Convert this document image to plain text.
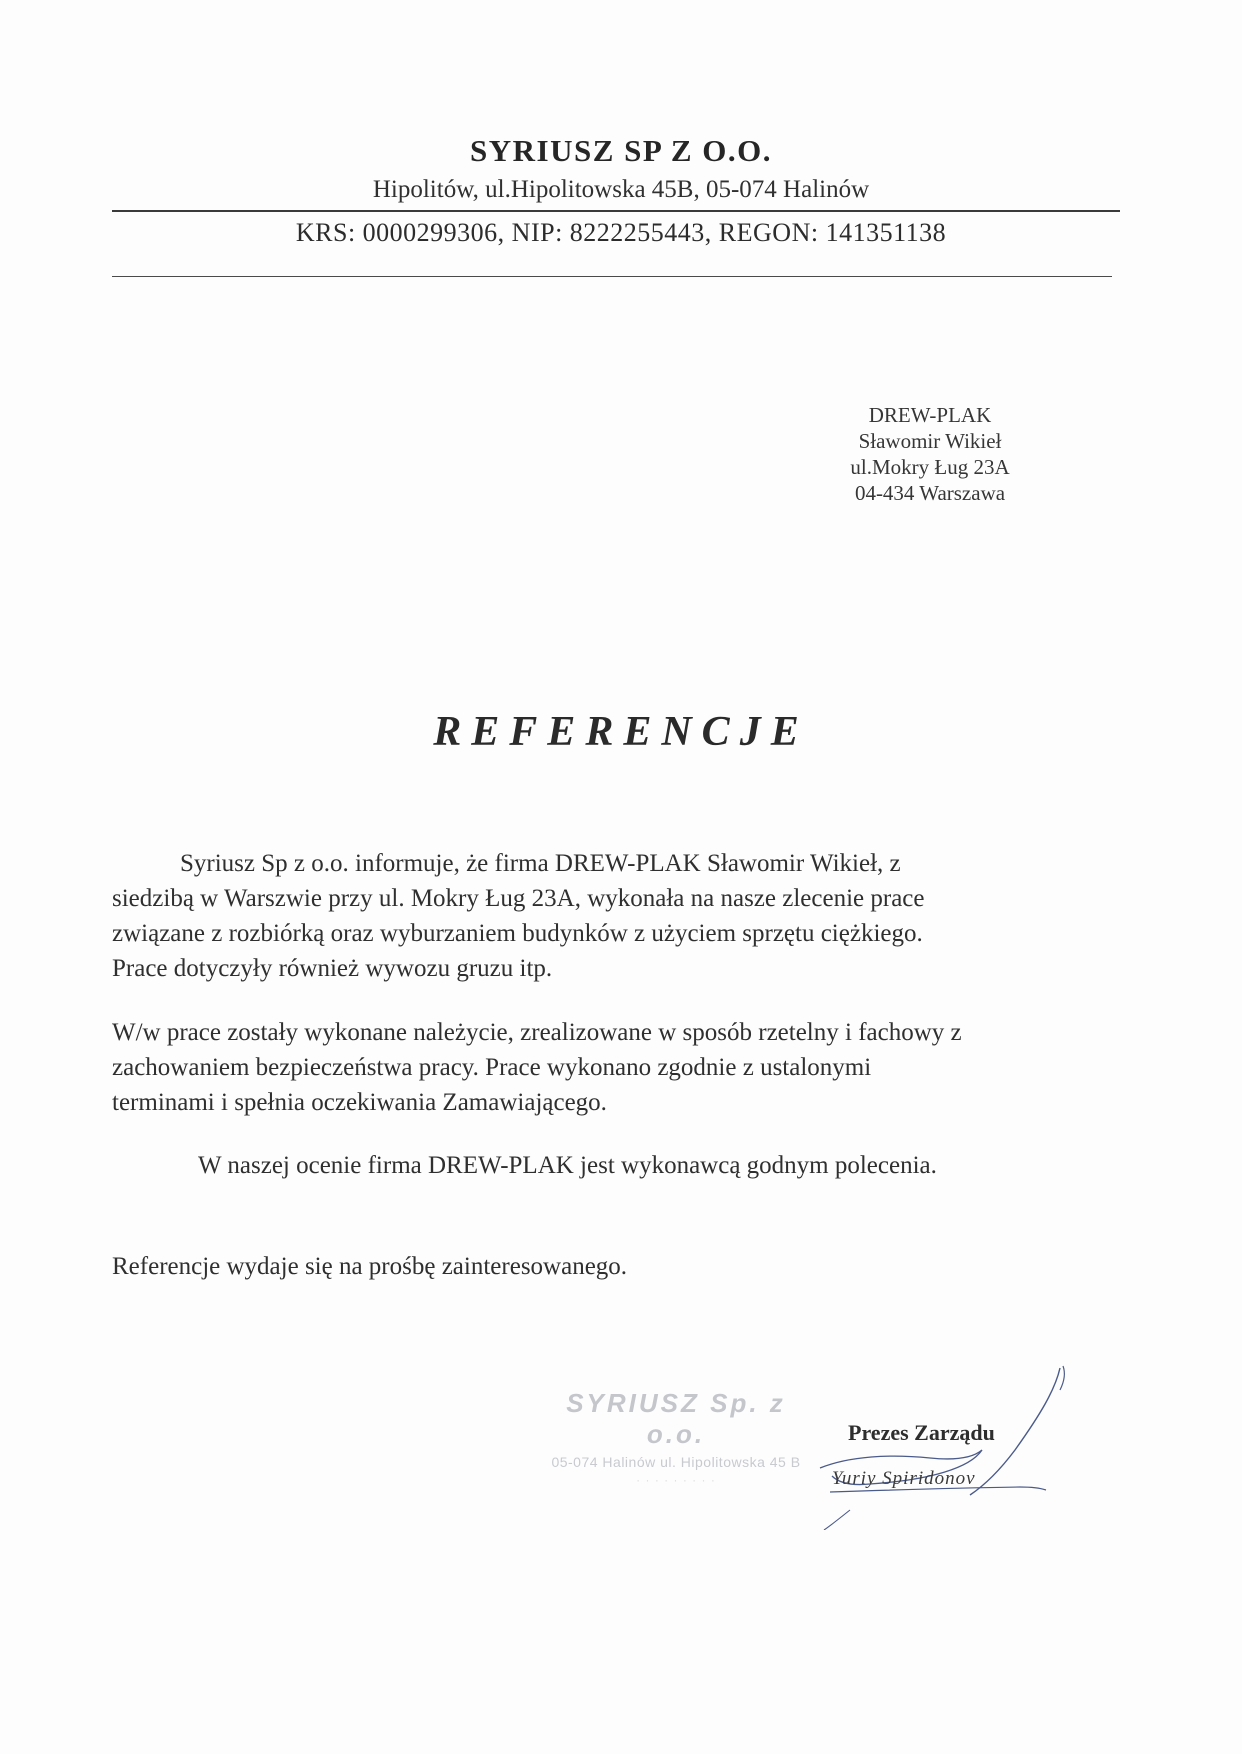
SYRIUSZ SP Z O.O.
Hipolitów, ul.Hipolitowska 45B, 05-074 Halinów
KRS: 0000299306, NIP: 8222255443, REGON: 141351138
DREW-PLAK
Sławomir Wikieł
ul.Mokry Ług 23A
04-434 Warszawa
REFERENCJE
Syriusz Sp z o.o. informuje, że firma DREW-PLAK Sławomir Wikieł, z
siedzibą w Warszwie przy ul. Mokry Ług 23A, wykonała na nasze zlecenie prace
związane z rozbiórką oraz wyburzaniem budynków z użyciem sprzętu ciężkiego.
Prace dotyczyły również wywozu gruzu itp.
W/w prace zostały wykonane należycie, zrealizowane w sposób rzetelny i fachowy z
zachowaniem bezpieczeństwa pracy. Prace wykonano zgodnie z ustalonymi
terminami i spełnia oczekiwania Zamawiającego.
W naszej ocenie firma DREW-PLAK jest wykonawcą godnym polecenia.
Referencje wydaje się na prośbę zainteresowanego.
SYRIUSZ Sp. z o.o.
05-074 Halinów ul. Hipolitowska 45 B
· · · · · · · · ·
Prezes Zarządu
Yuriy Spiridonov
